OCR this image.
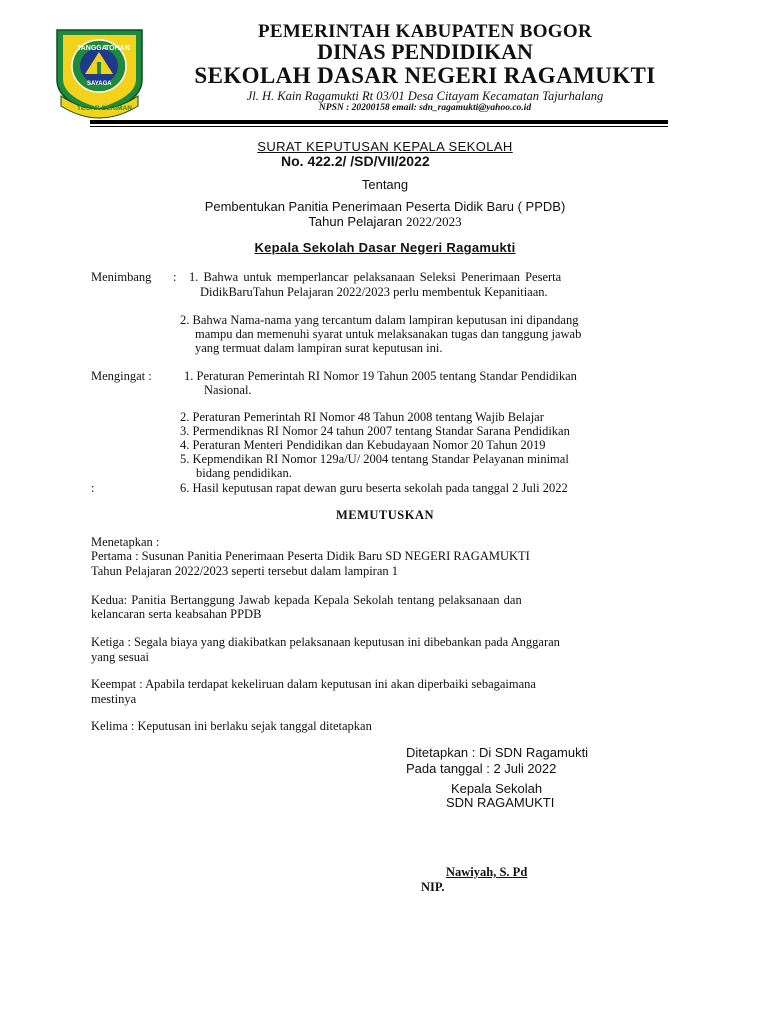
TANGGA
TOHAN
SAYAGA
TEGAR BERIMAN
PEMERINTAH KABUPATEN BOGOR
DINAS PENDIDIKAN
SEKOLAH DASAR NEGERI RAGAMUKTI
Jl. H. Kain Ragamukti Rt 03/01 Desa Citayam Kecamatan Tajurhalang
NPSN : 20200158 email: sdn_ragamukti@yahoo.co.id
SURAT KEPUTUSAN KEPALA SEKOLAH
No. 422.2/ /SD/VII/2022
Tentang
Pembentukan Panitia Penerimaan Peserta Didik Baru ( PPDB)
Tahun Pelajaran 2022/2023
Kepala Sekolah Dasar Negeri Ragamukti
Menimbang : 1. Bahwa untuk memperlancar pelaksanaan Seleksi Penerimaan Peserta
DidikBaruTahun Pelajaran 2022/2023 perlu membentuk Kepanitiaan.
2. Bahwa Nama-nama yang tercantum dalam lampiran keputusan ini dipandang
mampu dan memenuhi syarat untuk melaksanakan tugas dan tanggung jawab
yang termuat dalam lampiran surat keputusan ini.
Mengingat :	1. Peraturan Pemerintah RI Nomor 19 Tahun 2005 tentang Standar Pendidikan
Nasional.
2. Peraturan Pemerintah RI Nomor 48 Tahun 2008 tentang Wajib Belajar
3. Permendiknas RI Nomor 24 tahun 2007 tentang Standar Sarana Pendidikan
4. Peraturan Menteri Pendidikan dan Kebudayaan Nomor 20 Tahun 2019
5. Kepmendikan RI Nomor 129a/U/ 2004 tentang Standar Pelayanan minimal
bidang pendidikan.
:	6. Hasil keputusan rapat dewan guru beserta sekolah pada tanggal 2 Juli 2022
MEMUTUSKAN
Menetapkan :
Pertama : Susunan Panitia Penerimaan Peserta Didik Baru SD NEGERI RAGAMUKTI
Tahun Pelajaran 2022/2023 seperti tersebut dalam lampiran 1
Kedua: Panitia Bertanggung Jawab kepada Kepala Sekolah tentang pelaksanaan dan
kelancaran serta keabsahan PPDB
Ketiga : Segala biaya yang diakibatkan pelaksanaan keputusan ini dibebankan pada Anggaran
yang sesuai
Keempat : Apabila terdapat kekeliruan dalam keputusan ini akan diperbaiki sebagaimana
mestinya
Kelima : Keputusan ini berlaku sejak tanggal ditetapkan
Ditetapkan : Di SDN Ragamukti
Pada tanggal : 2 Juli 2022
Kepala Sekolah
SDN RAGAMUKTI
Nawiyah, S. Pd
NIP.
